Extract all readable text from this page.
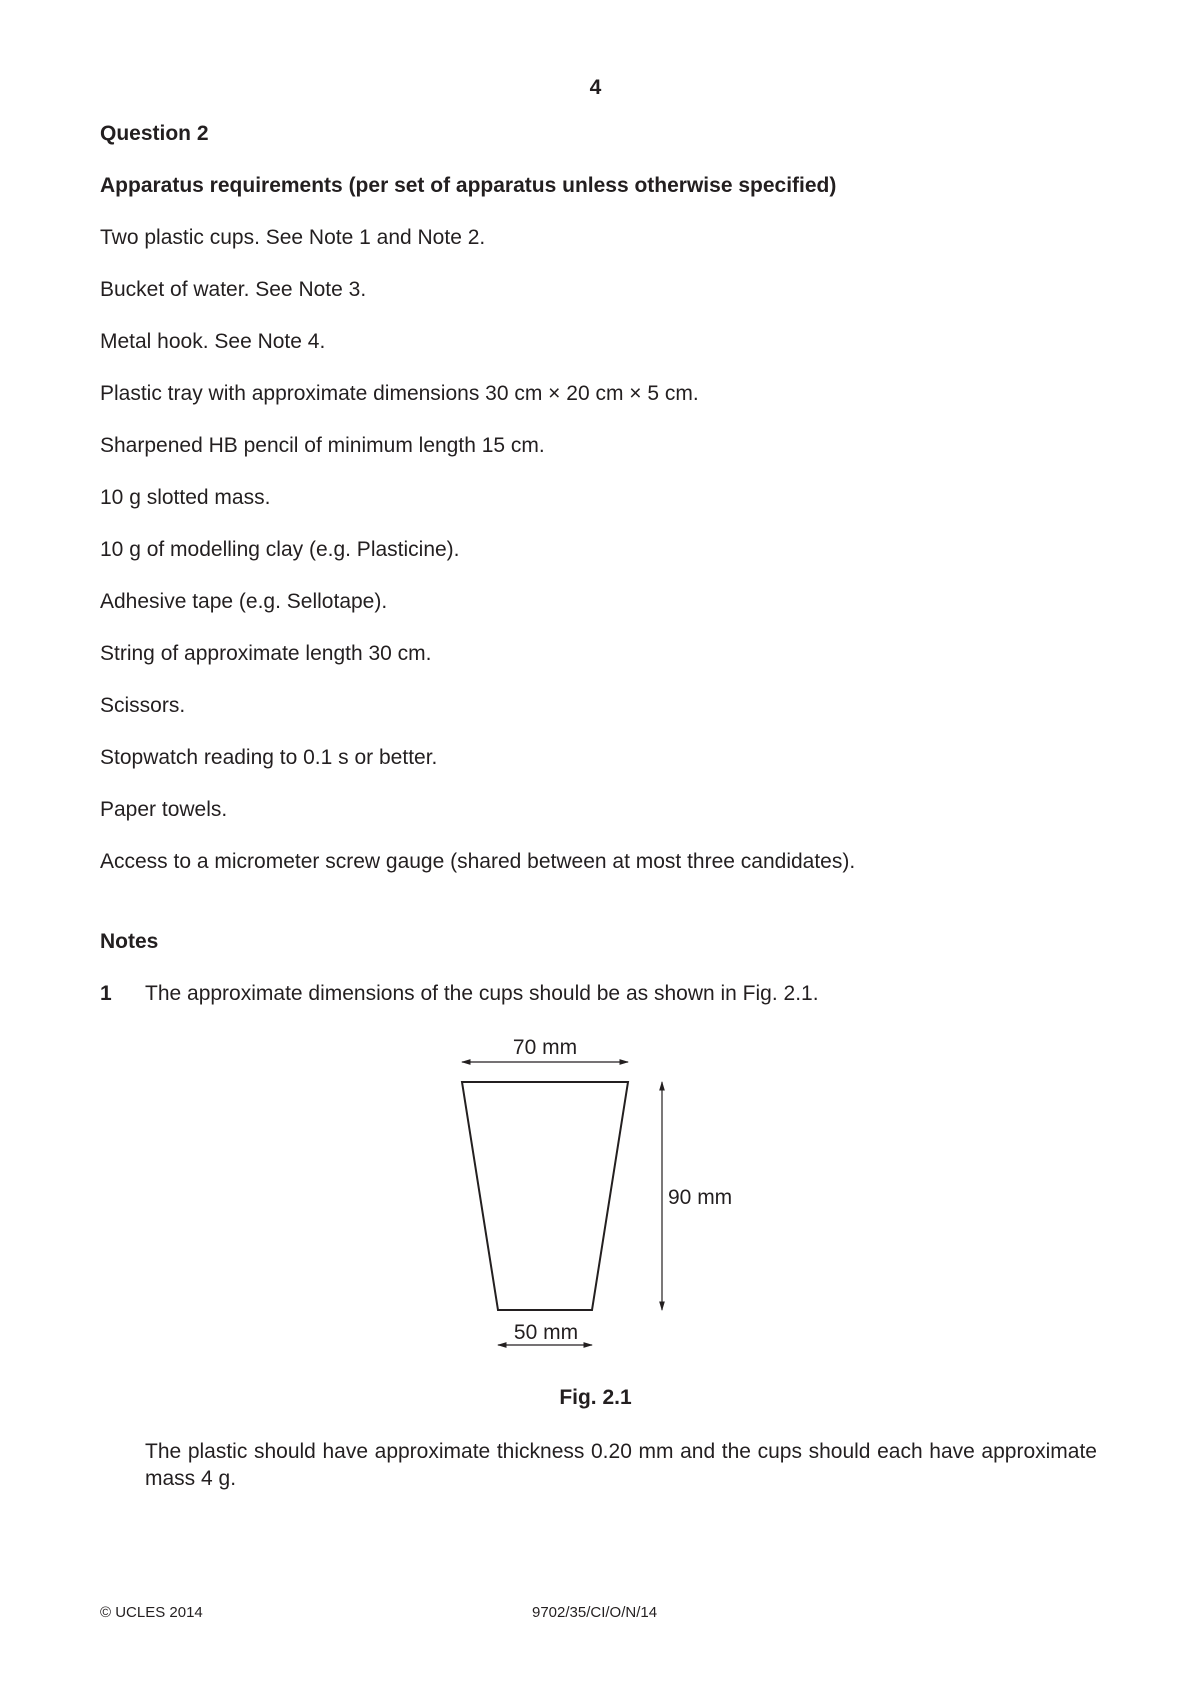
4
Question 2
Apparatus requirements (per set of apparatus unless otherwise specified)
Two plastic cups. See Note 1 and Note 2.
Bucket of water. See Note 3.
Metal hook. See Note 4.
Plastic tray with approximate dimensions 30 cm × 20 cm × 5 cm.
Sharpened HB pencil of minimum length 15 cm.
10 g slotted mass.
10 g of modelling clay (e.g. Plasticine).
Adhesive tape (e.g. Sellotape).
String of approximate length 30 cm.
Scissors.
Stopwatch reading to 0.1 s or better.
Paper towels.
Access to a micrometer screw gauge (shared between at most three candidates).
Notes
1 The approximate dimensions of the cups should be as shown in Fig. 2.1.
70 mm
90 mm
50 mm
Fig. 2.1
The plastic should have approximate thickness 0.20 mm and the cups should each have approximate mass 4 g.
© UCLES 2014	9702/35/CI/O/N/14
